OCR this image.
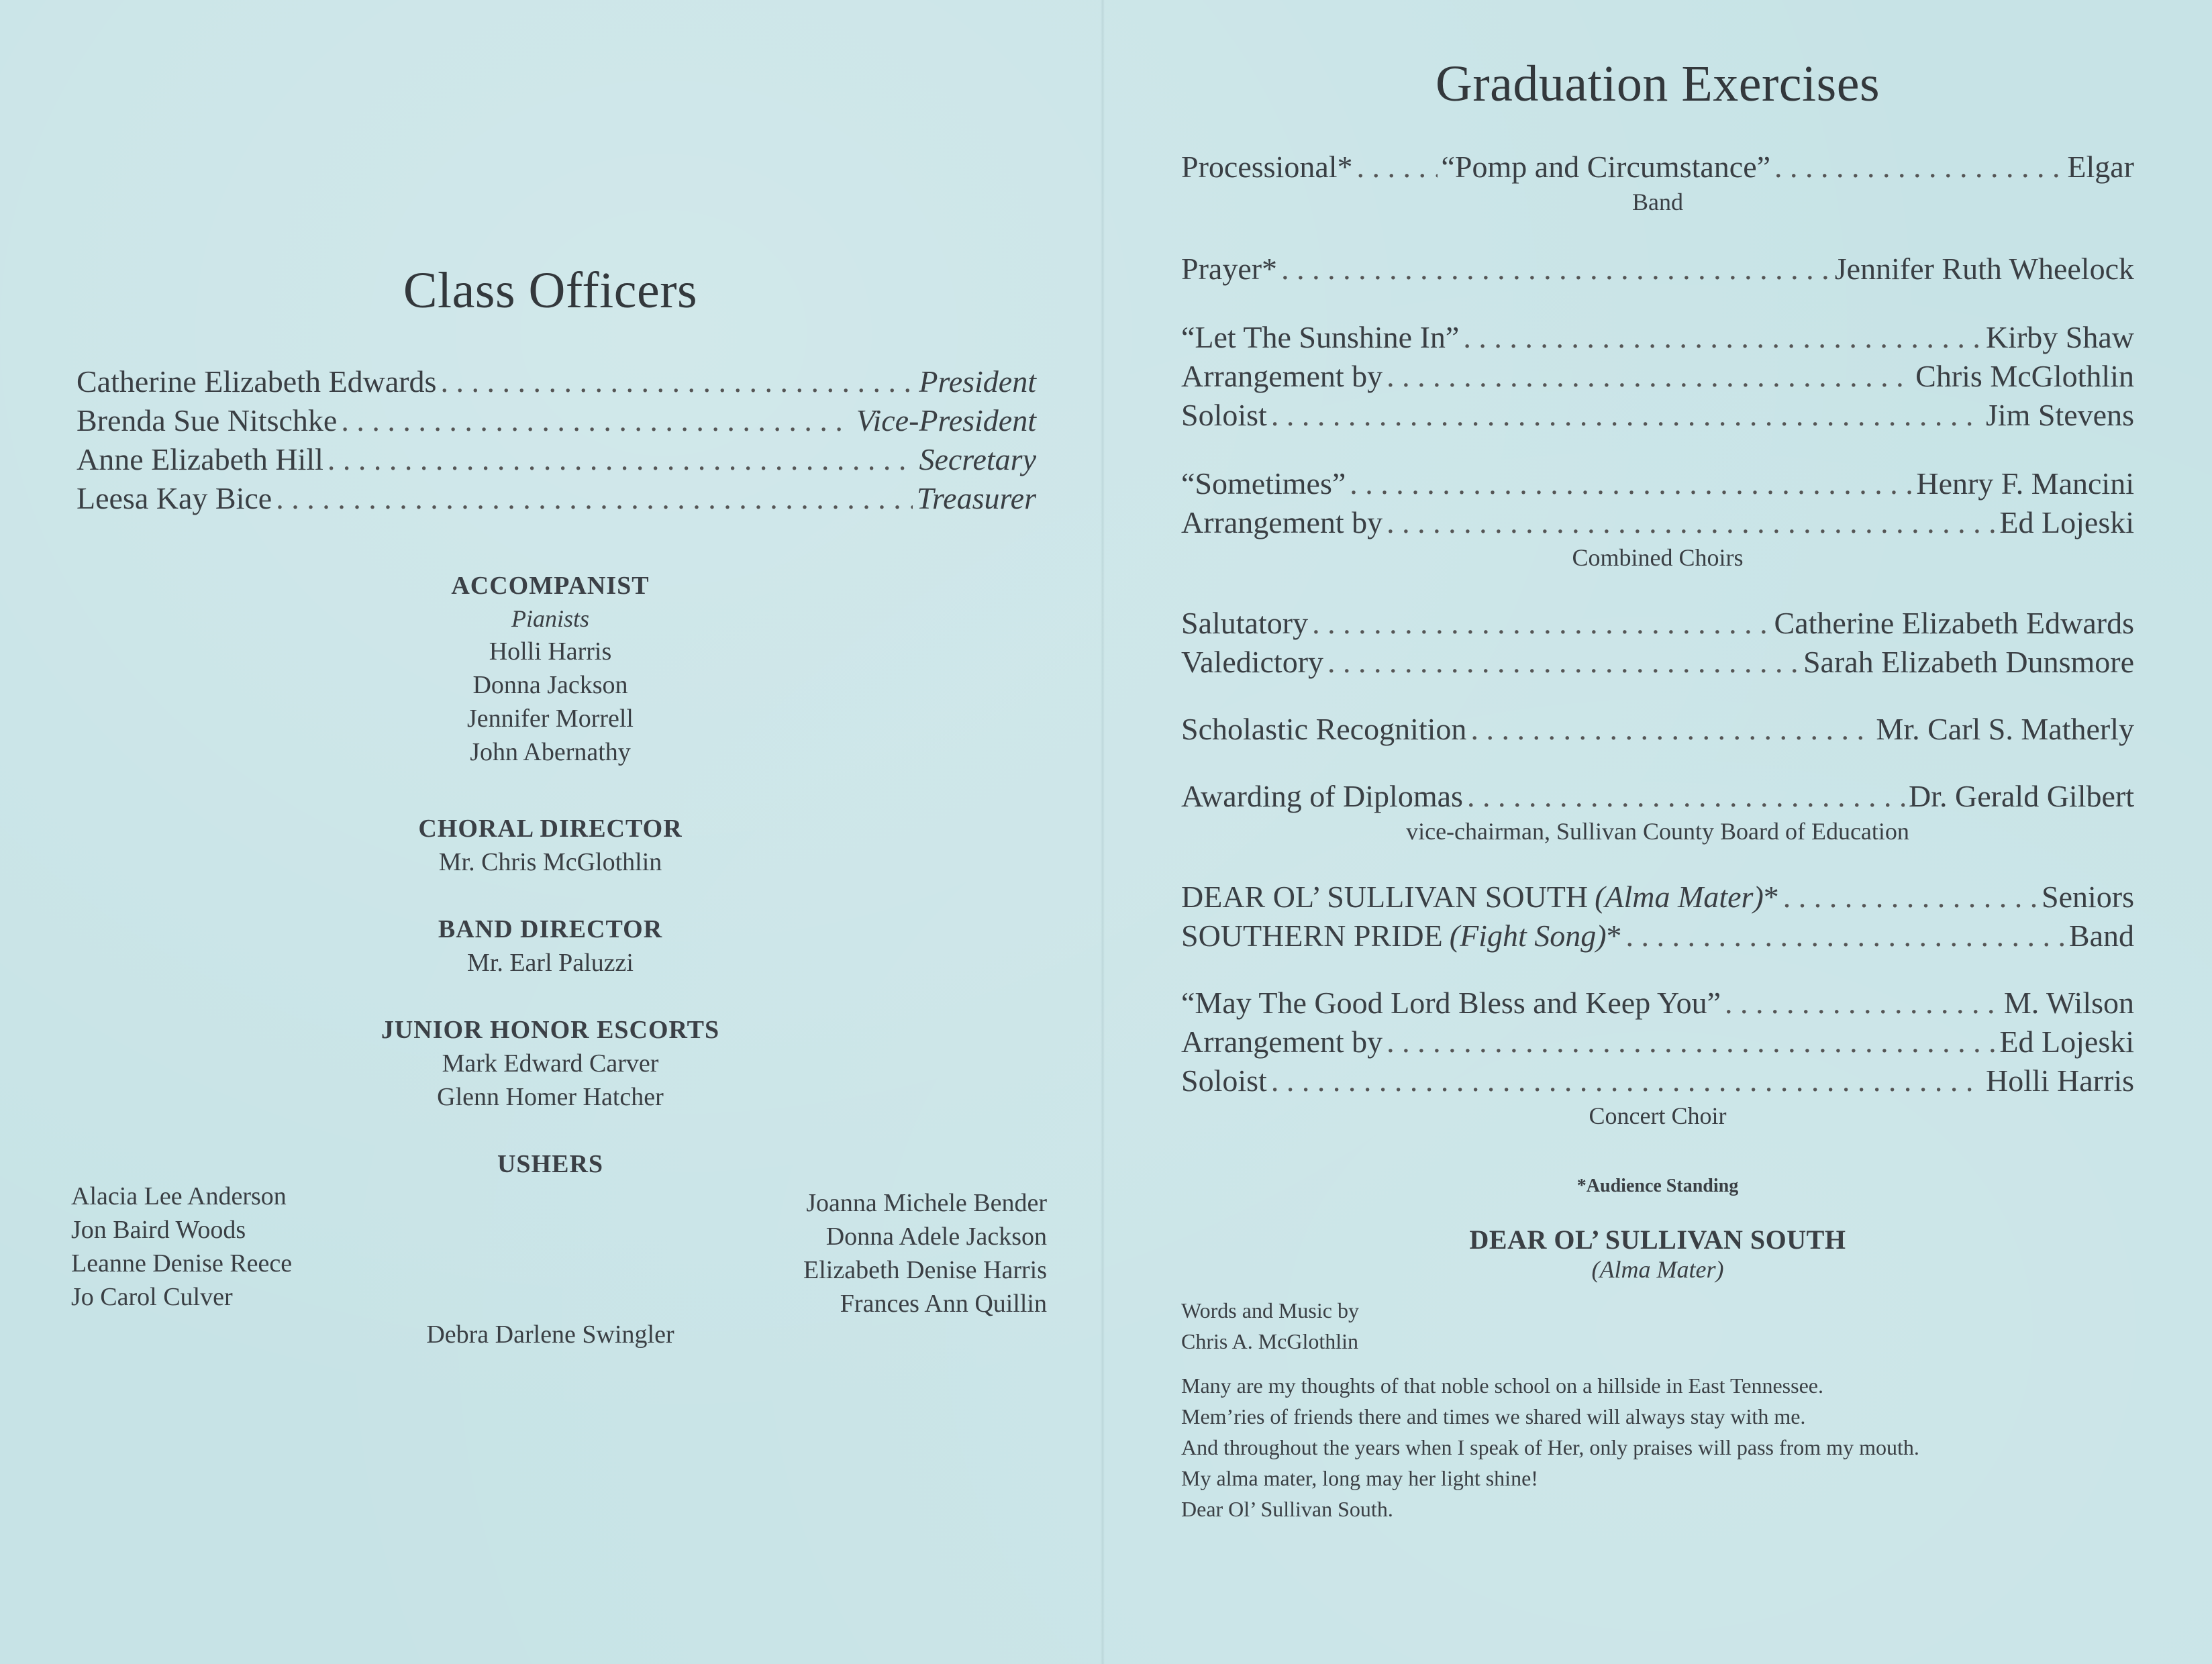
Class Officers
Catherine Elizabeth Edwards . . .	President
Brenda Sue Nitschke . . .	Vice-President
Anne Elizabeth Hill . . .	Secretary
Leesa Kay Bice . . .	Treasurer
ACCOMPANIST
Pianists
Holli Harris
Donna Jackson
Jennifer Morrell
John Abernathy
CHORAL DIRECTOR
Mr. Chris McGlothlin
BAND DIRECTOR
Mr. Earl Paluzzi
JUNIOR HONOR ESCORTS
Mark Edward Carver
Glenn Homer Hatcher
USHERS
Alacia Lee Anderson
Jon Baird Woods
Leanne Denise Reece
Jo Carol Culver
Joanna Michele Bender
Donna Adele Jackson
Elizabeth Denise Harris
Frances Ann Quillin
Debra Darlene Swingler
Graduation Exercises
Processional* . . .	“Pomp and Circumstance” . . .	Elgar
Band
Prayer* . . .	Jennifer Ruth Wheelock
“Let The Sunshine In” . . .	Kirby Shaw
Arrangement by . . .	Chris McGlothlin
Soloist . . .	Jim Stevens
“Sometimes” . . .	Henry F. Mancini
Arrangement by . . .	Ed Lojeski
Combined Choirs
Salutatory . . .	Catherine Elizabeth Edwards
Valedictory . . .	Sarah Elizabeth Dunsmore
Scholastic Recognition . . .	Mr. Carl S. Matherly
Awarding of Diplomas . . .	Dr. Gerald Gilbert
vice-chairman, Sullivan County Board of Education
DEAR OL’ SULLIVAN SOUTH (Alma Mater) * . . .	Seniors
SOUTHERN PRIDE (Fight Song) * . . .	Band
“May The Good Lord Bless and Keep You” . . .	M. Wilson
Arrangement by . . .	Ed Lojeski
Soloist . . .	Holli Harris
Concert Choir
*Audience Standing
DEAR OL’ SULLIVAN SOUTH
(Alma Mater)
Words and Music by
Chris A. McGlothlin
Many are my thoughts of that noble school on a hillside in East Tennessee.
Mem’ries of friends there and times we shared will always stay with me.
And throughout the years when I speak of Her, only praises will pass from my mouth.
My alma mater, long may her light shine!
Dear Ol’ Sullivan South.
